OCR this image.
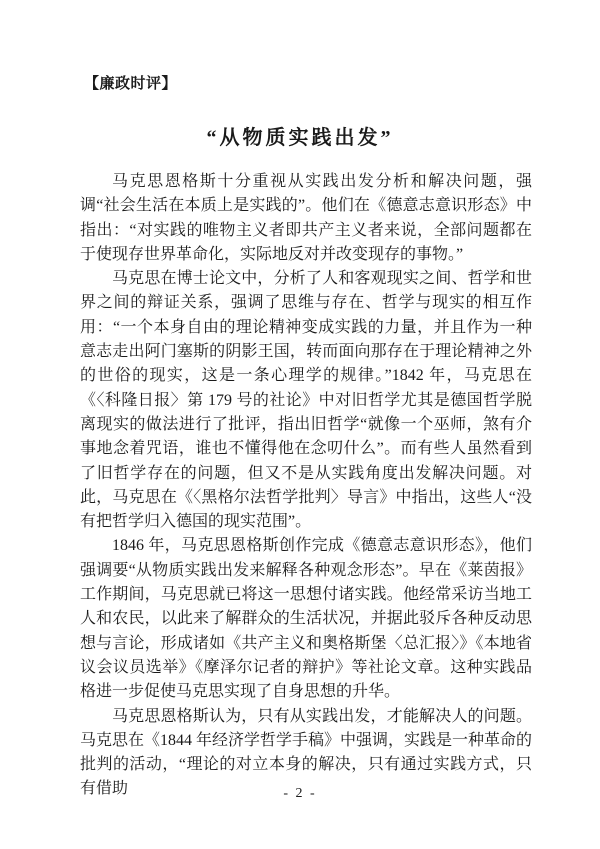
【廉政时评】
“从物质实践出发”

马克思恩格斯十分重视从实践出发分析和解决问题，强调“社会生活在本质上是实践的”。他们在《德意志意识形态》中指出：“对实践的唯物主义者即共产主义者来说，全部问题都在于使现存世界革命化，实际地反对并改变现存的事物。”

马克思在博士论文中，分析了人和客观现实之间、哲学和世界之间的辩证关系，强调了思维与存在、哲学与现实的相互作用：“一个本身自由的理论精神变成实践的力量，并且作为一种意志走出阿门塞斯的阴影王国，转而面向那存在于理论精神之外的世俗的现实，这是一条心理学的规律。”1842 年，马克思在《〈科隆日报〉第 179 号的社论》中对旧哲学尤其是德国哲学脱离现实的做法进行了批评，指出旧哲学“就像一个巫师，煞有介事地念着咒语，谁也不懂得他在念叨什么”。而有些人虽然看到了旧哲学存在的问题，但又不是从实践角度出发解决问题。对此，马克思在《〈黑格尔法哲学批判〉导言》中指出，这些人“没有把哲学归入德国的现实范围”。

1846 年，马克思恩格斯创作完成《德意志意识形态》，他们强调要“从物质实践出发来解释各种观念形态”。早在《莱茵报》工作期间，马克思就已将这一思想付诸实践。他经常采访当地工人和农民，以此来了解群众的生活状况，并据此驳斥各种反动思想与言论，形成诸如《共产主义和奥格斯堡〈总汇报〉》《本地省议会议员选举》《摩泽尔记者的辩护》等社论文章。这种实践品格进一步促使马克思实现了自身思想的升华。

马克思恩格斯认为，只有从实践出发，才能解决人的问题。马克思在《1844 年经济学哲学手稿》中强调，实践是一种革命的批判的活动，“理论的对立本身的解决，只有通过实践方式，只有借助	- 2 -
